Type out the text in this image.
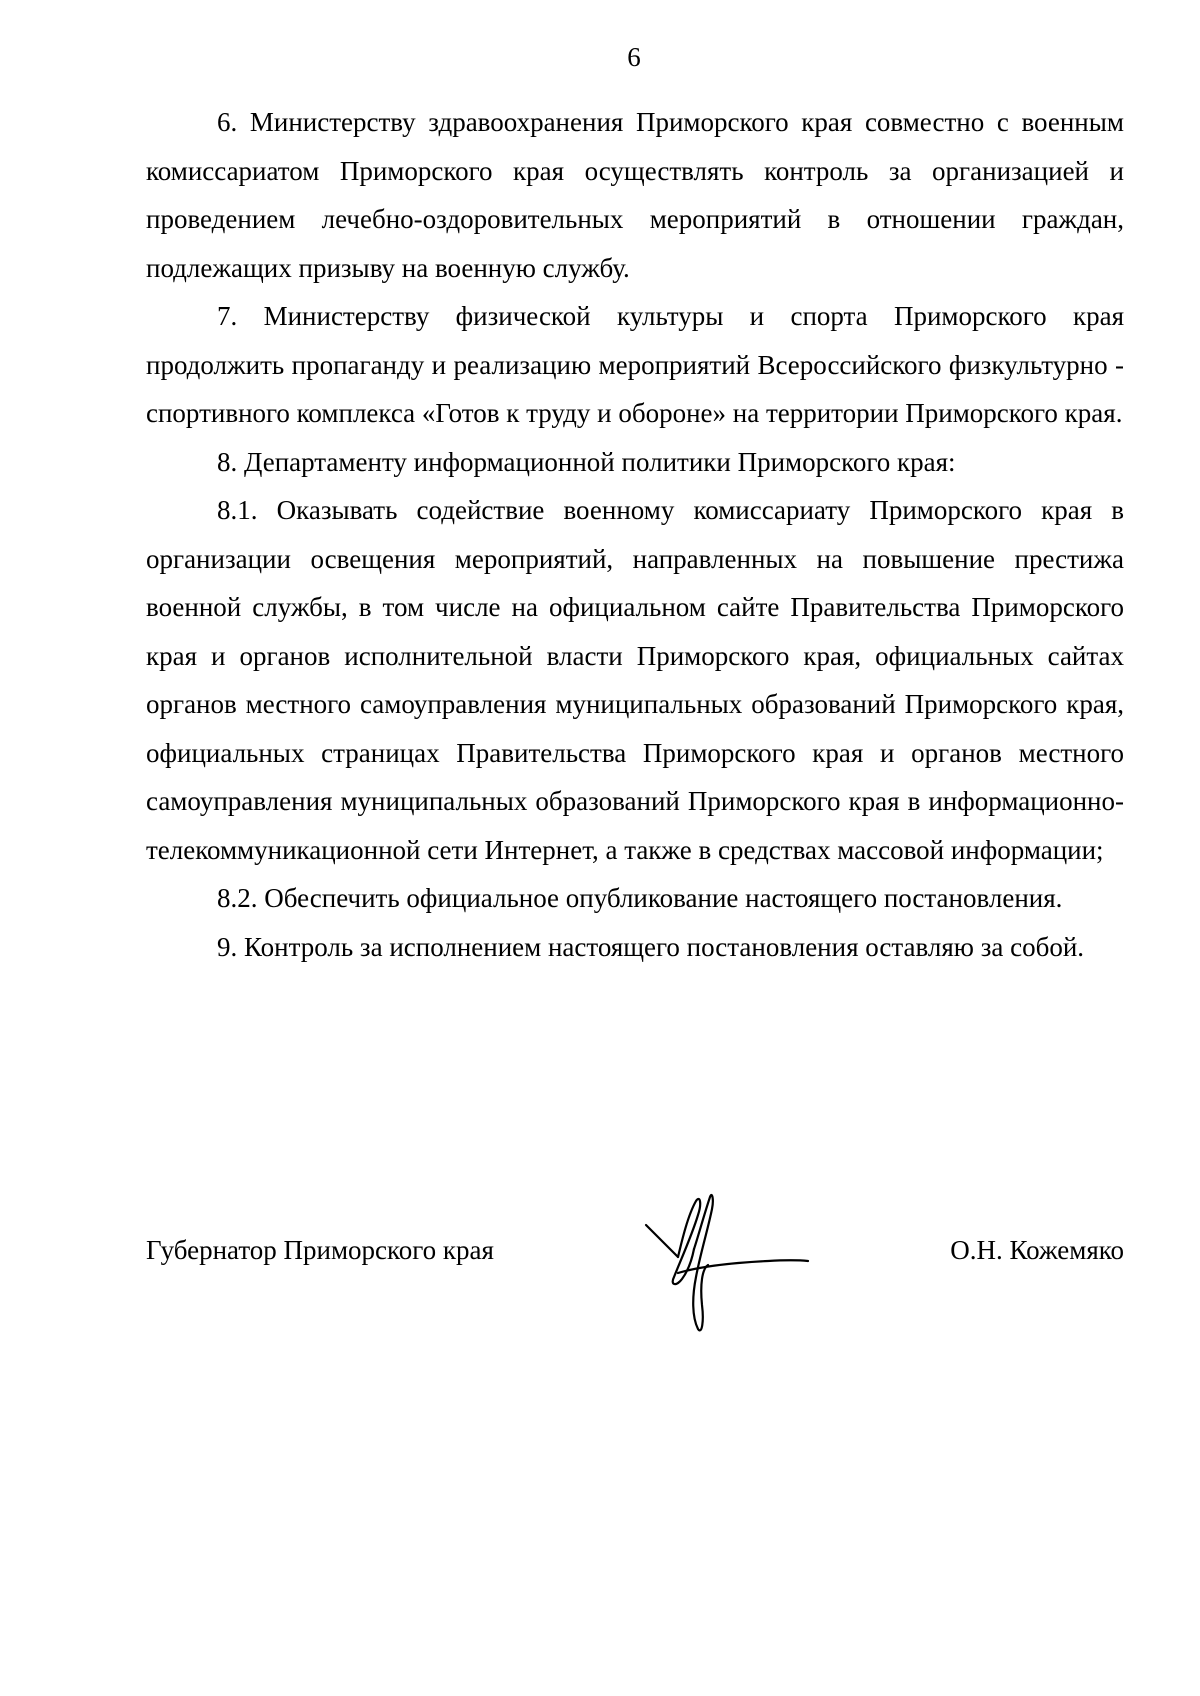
6

6. Министерству здравоохранения Приморского края совместно с военным комиссариатом Приморского края осуществлять контроль за организацией и проведением лечебно-оздоровительных мероприятий в отношении граждан, подлежащих призыву на военную службу.

7. Министерству физической культуры и спорта Приморского края продолжить пропаганду и реализацию мероприятий Всероссийского физкультурно - спортивного комплекса «Готов к труду и обороне» на территории Приморского края.

8. Департаменту информационной политики Приморского края:

8.1. Оказывать содействие военному комиссариату Приморского края в организации освещения мероприятий, направленных на повышение престижа военной службы, в том числе на официальном сайте Правительства Приморского края и органов исполнительной власти Приморского края, официальных сайтах органов местного самоуправления муниципальных образований Приморского края, официальных страницах Правительства Приморского края и органов местного самоуправления муниципальных образований Приморского края в информационно-телекоммуникационной сети Интернет, а также в средствах массовой информации;

8.2. Обеспечить официальное опубликование настоящего постановления.

9. Контроль за исполнением настоящего постановления оставляю за собой.

Губернатор Приморского края	О.Н. Кожемяко
